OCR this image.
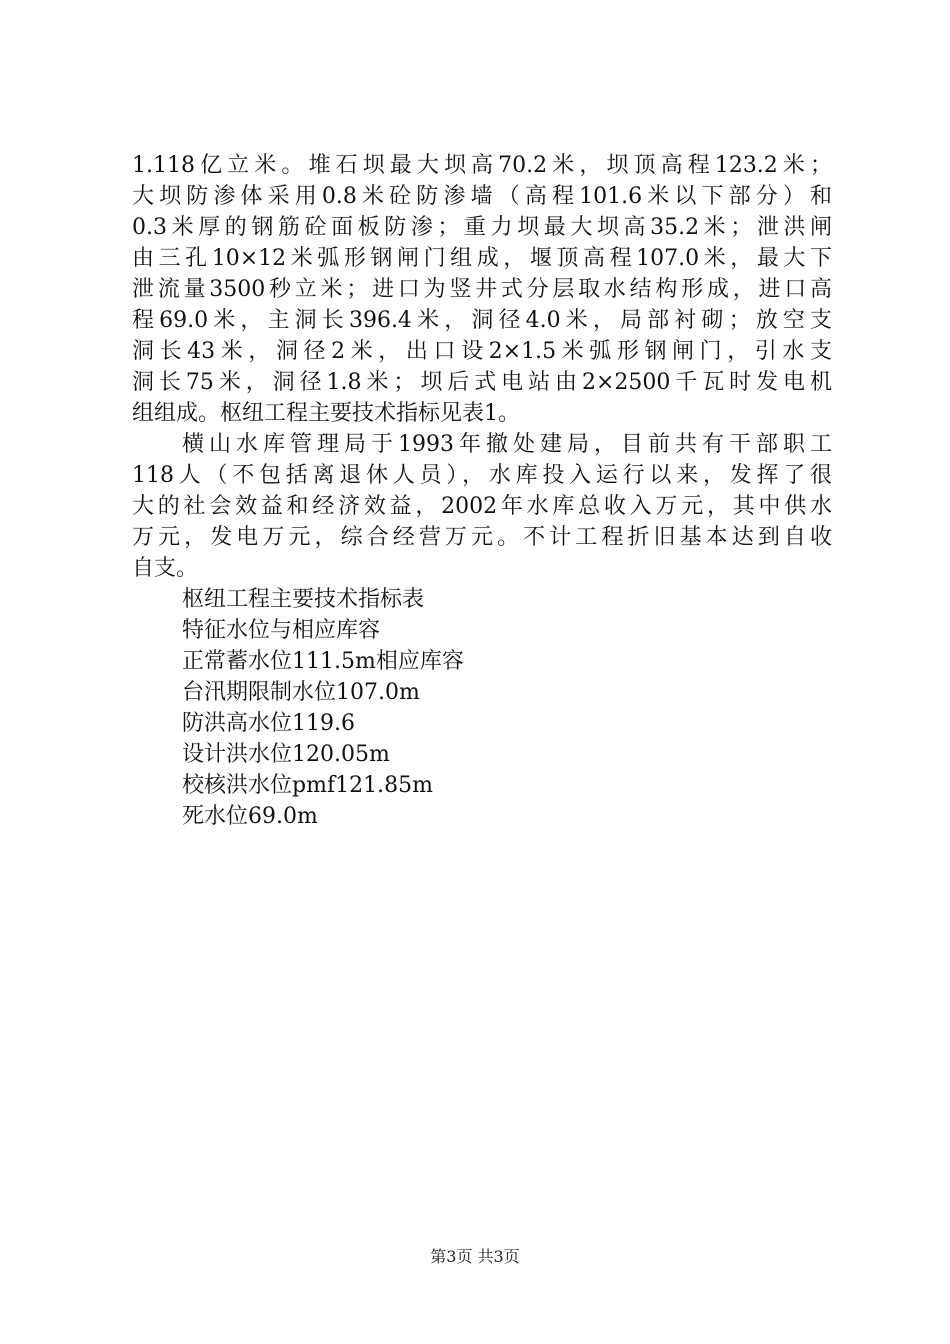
1.118亿立米。堆石坝最大坝高70.2米，坝顶高程123.2米；
大坝防渗体采用0.8米砼防渗墙（高程101.6米以下部分）和
0.3米厚的钢筋砼面板防渗；重力坝最大坝高35.2米；泄洪闸
由三孔10×12米弧形钢闸门组成，堰顶高程107.0米，最大下
泄流量3500秒立米；进口为竖井式分层取水结构形成，进口高
程69.0米，主洞长396.4米，洞径4.0米，局部衬砌；放空支
洞长43米，洞径2米，出口设2×1.5米弧形钢闸门，引水支
洞长75米，洞径1.8米；坝后式电站由2×2500千瓦时发电机
组组成。枢纽工程主要技术指标见表1。
横山水库管理局于1993年撤处建局，目前共有干部职工
118人（不包括离退休人员），水库投入运行以来，发挥了很
大的社会效益和经济效益，2002年水库总收入万元，其中供水
万元，发电万元，综合经营万元。不计工程折旧基本达到自收
自支。
枢纽工程主要技术指标表
特征水位与相应库容
正常蓄水位111.5m相应库容
台汛期限制水位107.0m
防洪高水位119.6
设计洪水位120.05m
校核洪水位pmf121.85m
死水位69.0m
第3页 共3页
